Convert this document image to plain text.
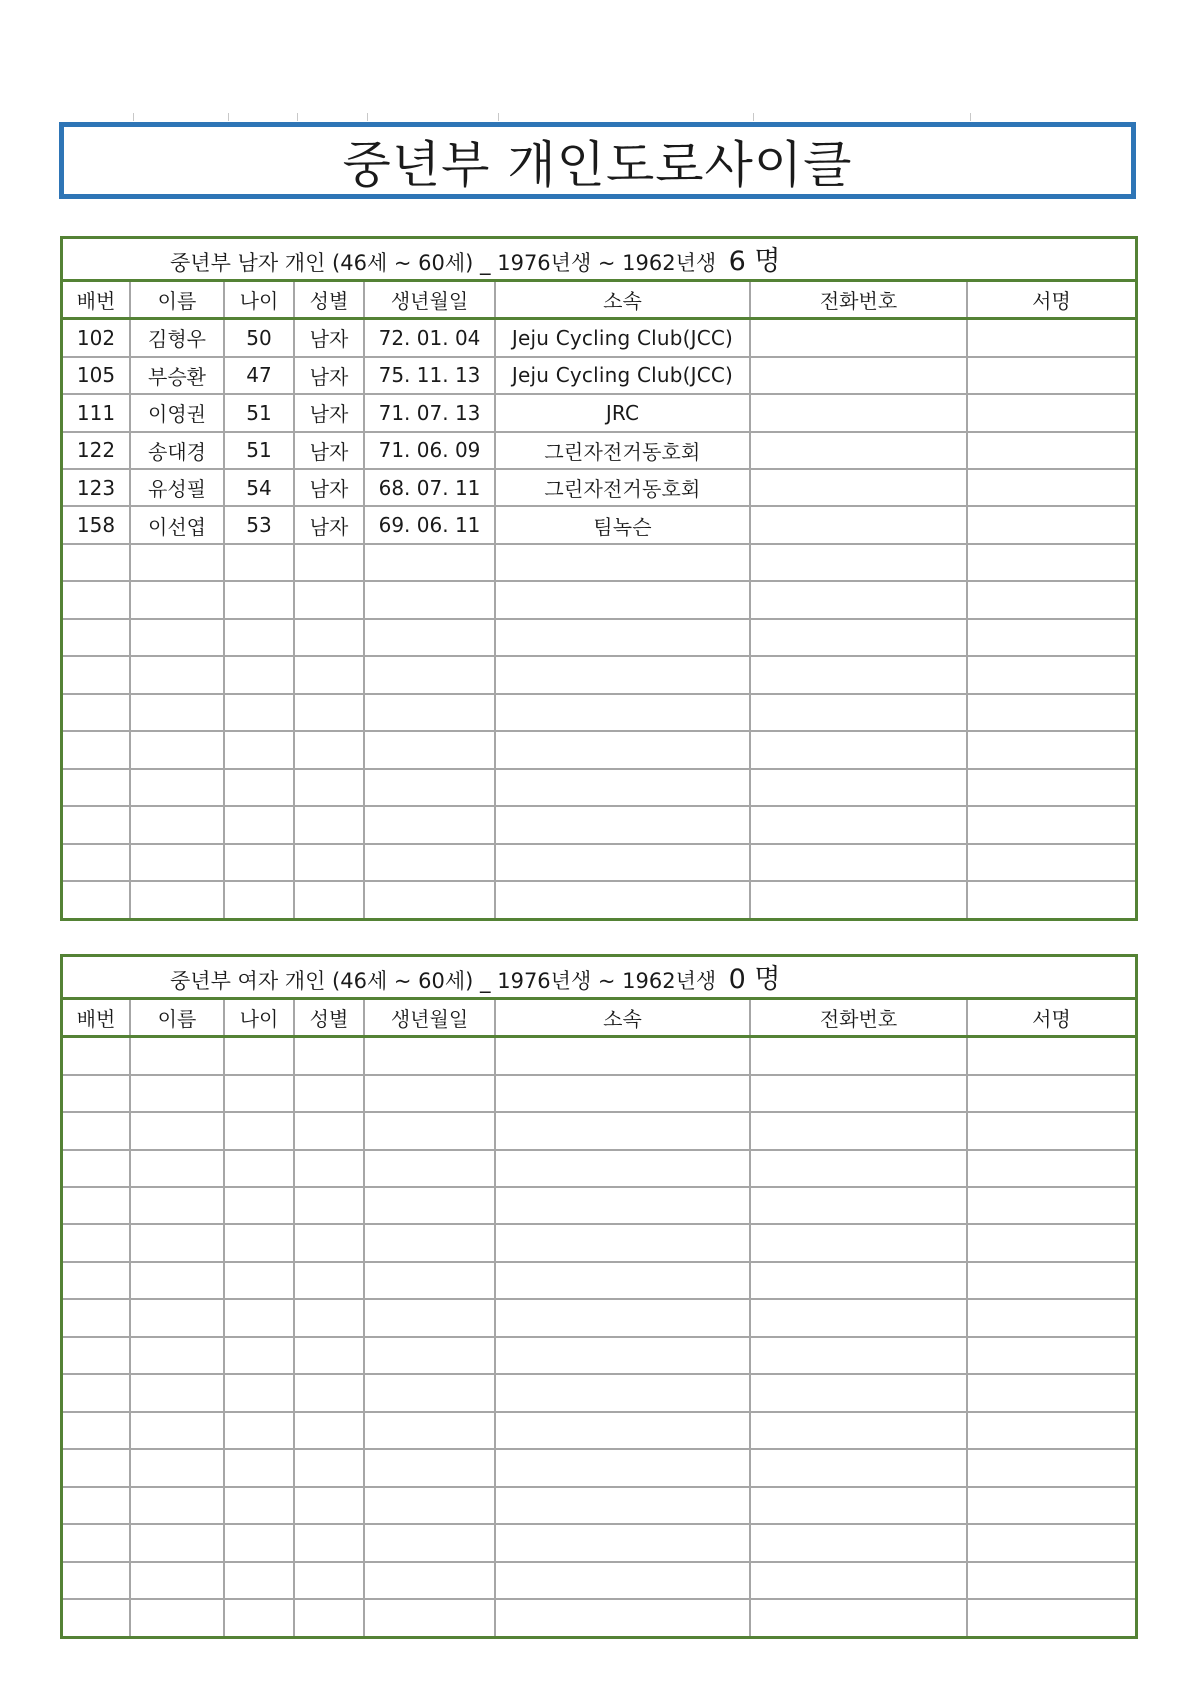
중년부 개인도로사이클
중년부 남자 개인 (46세 ~ 60세) _ 1976년생 ~ 1962년생 6 명							
배번	이름	나이	성별	생년월일	소속	전화번호	서명
102	김형우	50	남자	72. 01. 04	Jeju Cycling Club(JCC)		
105	부승환	47	남자	75. 11. 13	Jeju Cycling Club(JCC)		
111	이영권	51	남자	71. 07. 13	JRC		
122	송대경	51	남자	71. 06. 09	그린자전거동호회		
123	유성필	54	남자	68. 07. 11	그린자전거동호회		
158	이선엽	53	남자	69. 06. 11	팀녹슨		

중년부 여자 개인 (46세 ~ 60세) _ 1976년생 ~ 1962년생 0 명							
배번	이름	나이	성별	생년월일	소속	전화번호	서명
